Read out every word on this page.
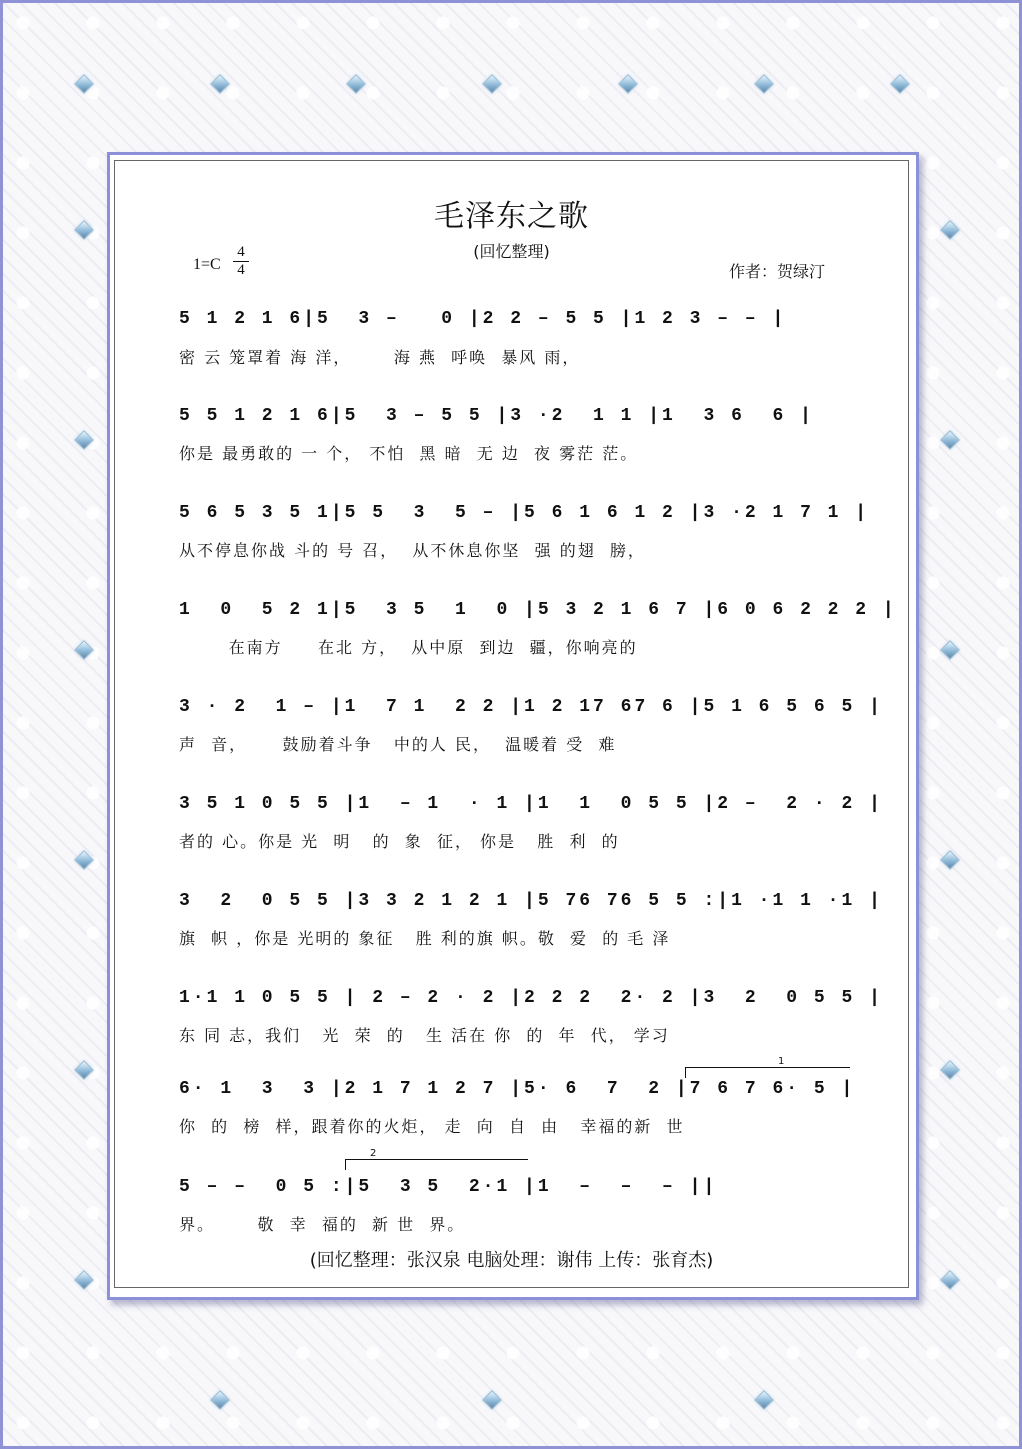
毛泽东之歌
(回忆整理)
1=C
4
4	作者：贺绿汀
5 1 2 1 6|5  3 –   0 |2 2 – 5 5 |1 2 3 – – |
密 云 笼罩着 海 洋，      海 燕  呼唤  暴风 雨，
5 5 1 2 1 6|5  3 – 5 5 |3 ·2  1 1 |1  3 6  6 |
你是 最勇敢的 一 个， 不怕  黑 暗  无 边  夜 雾茫 茫。
5 6 5 3 5 1|5 5  3  5 – |5 6 1 6 1 2 |3 ·2 1 7 1 |
从不停息你战 斗的 号 召，  从不休息你坚  强 的翅  膀，
1  0  5 2 1|5  3 5  1  0 |5 3 2 1 6 7 |6 0 6 2 2 2 |
在南方     在北 方，  从中原  到边  疆，你响亮的
3 · 2  1 – |1  7 1  2 2 |1 2 17 67 6 |5 1 6 5 6 5 |
声  音，     鼓励着斗争   中的人 民，  温暖着 受  难
3 5 1 0 5 5 |1  – 1  · 1 |1  1  0 5 5 |2 –  2 · 2 |
者的 心。你是 光  明   的  象  征， 你是   胜  利  的
3  2  0 5 5 |3 3 2 1 2 1 |5 76 76 5 5 :|1 ·1 1 ·1 |
旗  帜 ，你是 光明的 象征   胜 利的旗 帜。敬  爱  的 毛 泽
1·1 1 0 5 5 | 2 – 2 · 2 |2 2 2  2· 2 |3  2  0 5 5 |
东 同 志，我们   光  荣  的   生 活在 你  的  年  代， 学习
1
6· 1  3  3 |2 1 7 1 2 7 |5· 6  7  2 |7 6 7 6· 5 |
你  的  榜  样，跟着你的火炬， 走  向  自  由   幸福的新  世
2
5 – –  0 5 :|5  3 5  2·1 |1  –  –  – ||
界。      敬  幸  福的  新 世  界。
(回忆整理：张汉泉 电脑处理：谢伟 上传：张育杰)
